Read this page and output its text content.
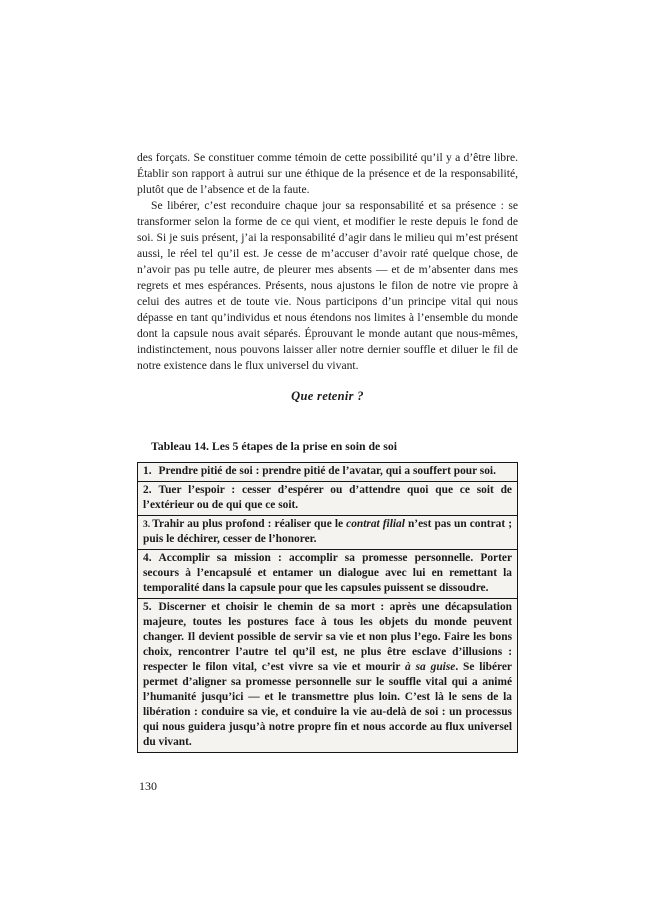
des forçats. Se constituer comme témoin de cette possibilité qu’il y a d’être libre. Établir son rapport à autrui sur une éthique de la présence et de la responsabilité, plutôt que de l’absence et de la faute.

Se libérer, c’est reconduire chaque jour sa responsabilité et sa présence : se transformer selon la forme de ce qui vient, et modifier le reste depuis le fond de soi. Si je suis présent, j’ai la responsabilité d’agir dans le milieu qui m’est présent aussi, le réel tel qu’il est. Je cesse de m’accuser d’avoir raté quelque chose, de n’avoir pas pu telle autre, de pleurer mes absents — et de m’absenter dans mes regrets et mes espérances. Présents, nous ajustons le filon de notre vie propre à celui des autres et de toute vie. Nous participons d’un principe vital qui nous dépasse en tant qu’individus et nous étendons nos limites à l’ensemble du monde dont la capsule nous avait séparés. Éprouvant le monde autant que nous-mêmes, indistinctement, nous pouvons laisser aller notre dernier souffle et diluer le fil de notre existence dans le flux universel du vivant.

Que retenir ?

Tableau 14. Les 5 étapes de la prise en soin de soi

1. Prendre pitié de soi : prendre pitié de l’avatar, qui a souffert pour soi.
2. Tuer l’espoir : cesser d’espérer ou d’attendre quoi que ce soit de l’extérieur ou de qui que ce soit.
3. Trahir au plus profond : réaliser que le contrat filial n’est pas un contrat ; puis le déchirer, cesser de l’honorer.
4. Accomplir sa mission : accomplir sa promesse personnelle. Porter secours à l’encapsulé et entamer un dialogue avec lui en remettant la temporalité dans la capsule pour que les capsules puissent se dissoudre.
5. Discerner et choisir le chemin de sa mort : après une décapsulation majeure, toutes les postures face à tous les objets du monde peuvent changer. Il devient possible de servir sa vie et non plus l’ego. Faire les bons choix, rencontrer l’autre tel qu’il est, ne plus être esclave d’illusions : respecter le filon vital, c’est vivre sa vie et mourir à sa guise. Se libérer permet d’aligner sa promesse personnelle sur le souffle vital qui a animé l’humanité jusqu’ici — et le transmettre plus loin. C’est là le sens de la libération : conduire sa vie, et conduire la vie au-delà de soi : un processus qui nous guidera jusqu’à notre propre fin et nous accorde au flux universel du vivant.
130
